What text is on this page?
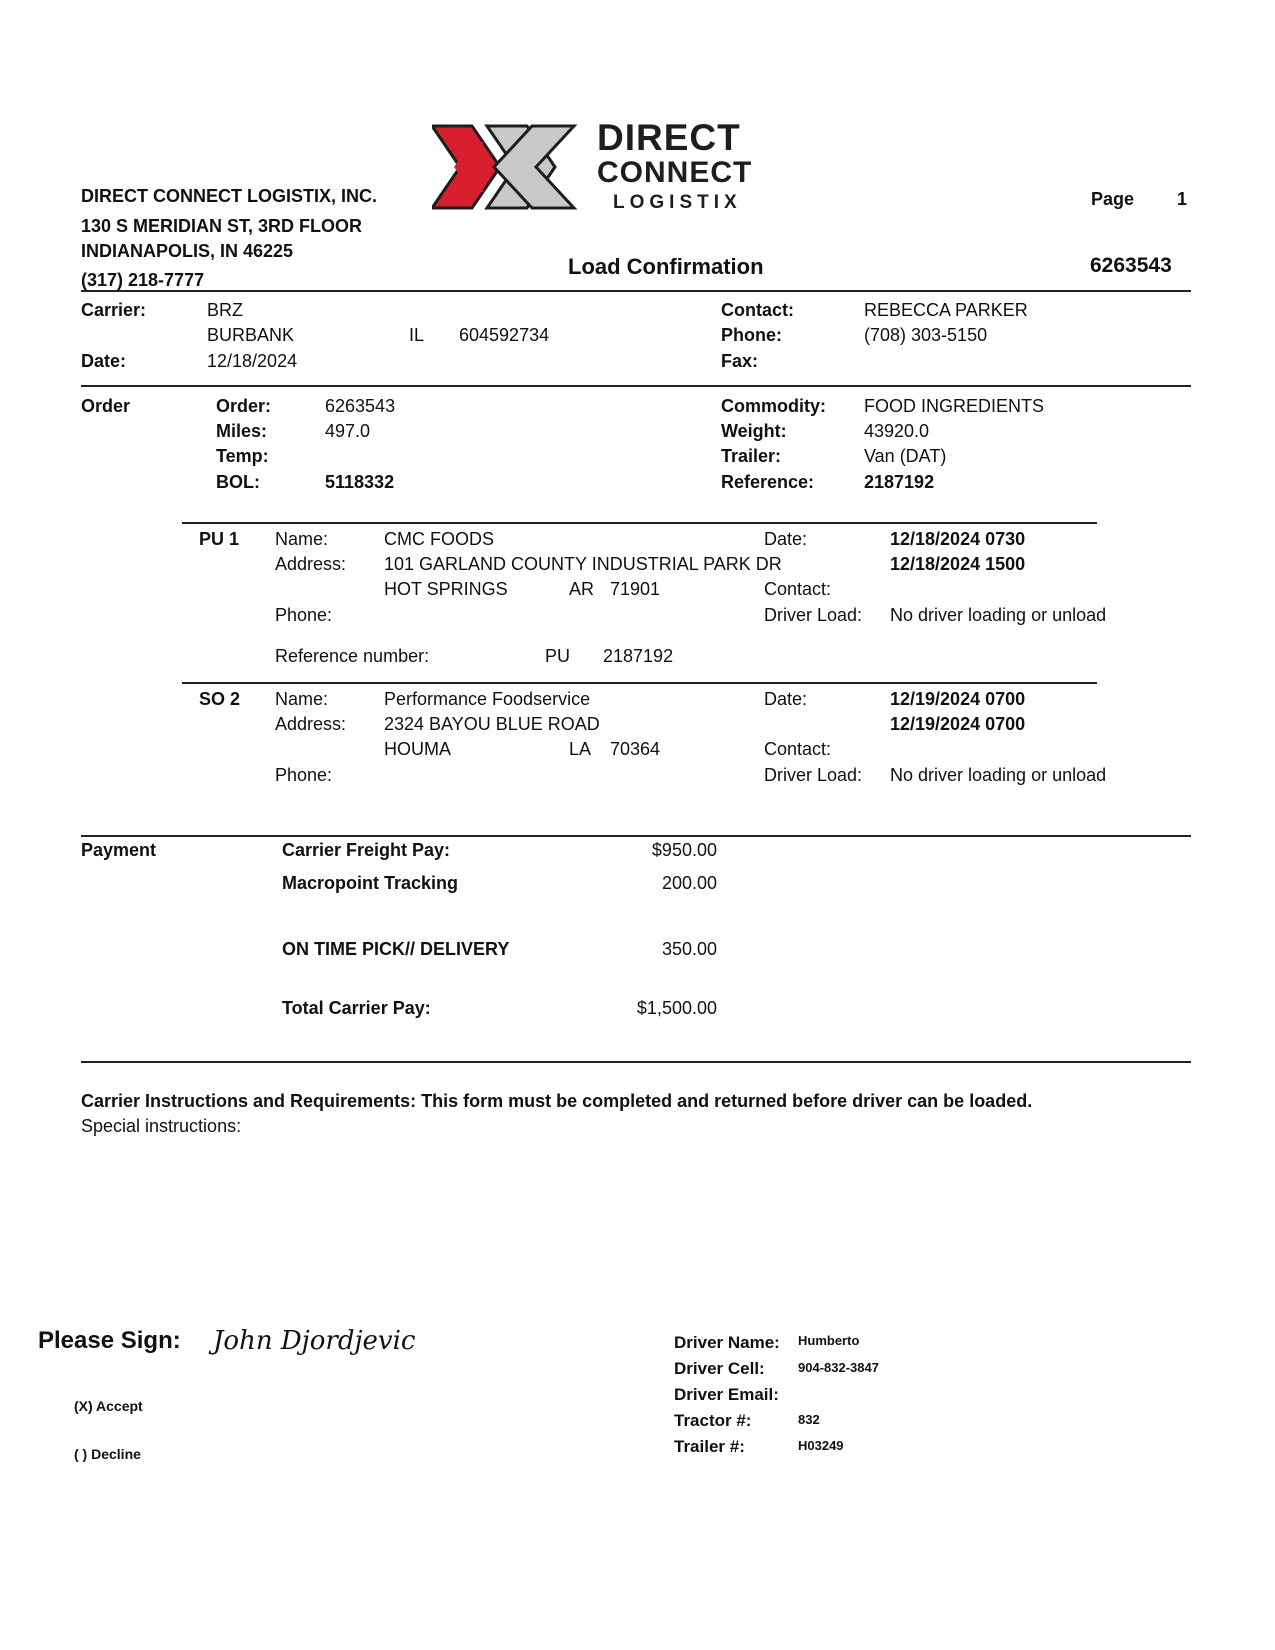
DIRECT
CONNECT
LOGISTIX
DIRECT CONNECT LOGISTIX, INC.
130 S MERIDIAN ST, 3RD FLOOR
INDIANAPOLIS, IN 46225
(317) 218-7777
Page 1
Load Confirmation	6263543
Carrier:	BRZ
BURBANK	IL 604592734
Date:	12/18/2024
Contact:	REBECCA PARKER
Phone:	(708) 303-5150
Fax:
Order	Order:	6263543
Miles:	497.0
Temp:
BOL:	5118332
Commodity: FOOD INGREDIENTS
Weight:	43920.0
Trailer:	Van (DAT)
Reference:	2187192
PU 1 Name:	CMC FOODS
Address: 101 GARLAND COUNTY INDUSTRIAL PARK DR
HOT SPRINGS	AR 71901
Phone:
Date:	12/18/2024 0730
12/18/2024 1500
Contact:
Driver Load: No driver loading or unload
Reference number:	PU 2187192
SO 2 Name:	Performance Foodservice
Address: 2324 BAYOU BLUE ROAD
HOUMA	LA 70364
Phone:
Date:	12/19/2024 0700
12/19/2024 0700
Contact:
Driver Load: No driver loading or unload
Payment	Carrier Freight Pay:	$950.00
Macropoint Tracking	200.00
ON TIME PICK// DELIVERY	350.00
Total Carrier Pay:	$1,500.00
Carrier Instructions and Requirements: This form must be completed and returned before driver can be loaded.
Special instructions:
Please Sign: John Djordjevic
(X) Accept
( ) Decline
Driver Name: Humberto
Driver Cell:	904-832-3847
Driver Email:
Tractor #:	832
Trailer #:	H03249
